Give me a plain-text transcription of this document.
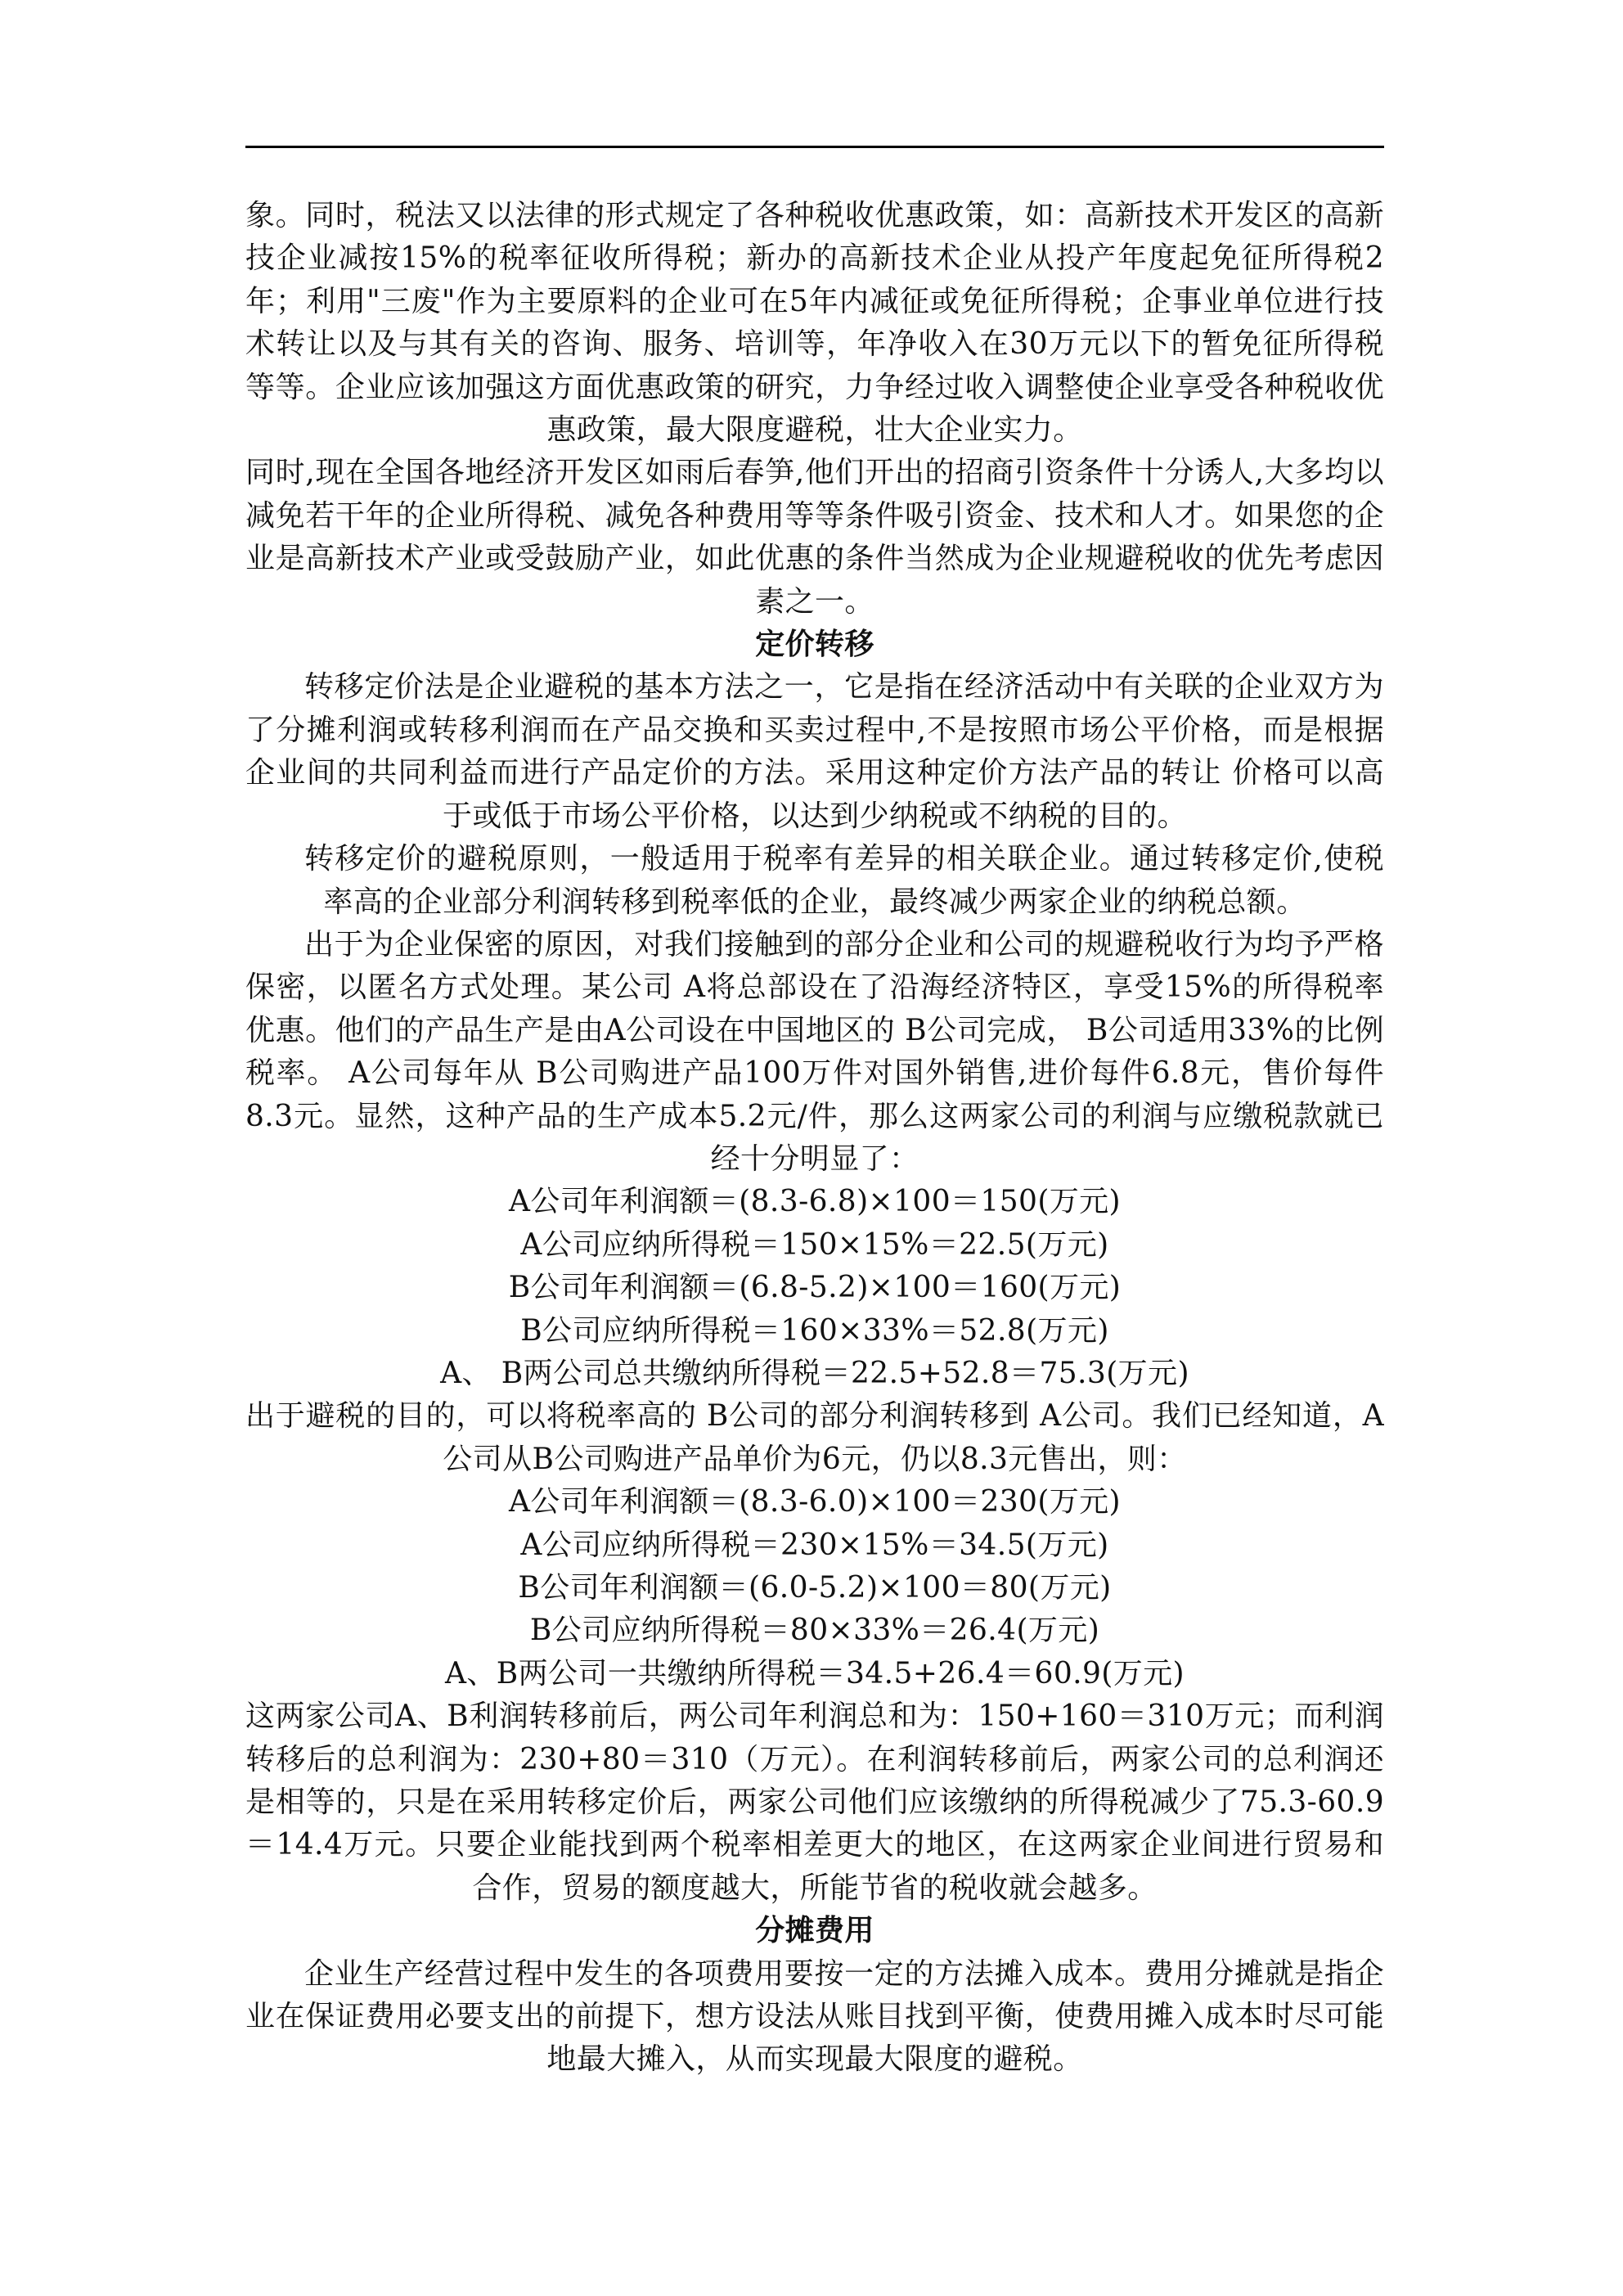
象。同时，税法又以法律的形式规定了各种税收优惠政策，如：高新技术开发区的高新技企业减按15%的税率征收所得税；新办的高新技术企业从投产年度起免征所得税2年；利用"三废"作为主要原料的企业可在5年内减征或免征所得税；企事业单位进行技术转让以及与其有关的咨询、服务、培训等，年净收入在30万元以下的暂免征所得税等等。企业应该加强这方面优惠政策的研究，力争经过收入调整使企业享受各种税收优惠政策，最大限度避税，壮大企业实力。

同时,现在全国各地经济开发区如雨后春笋,他们开出的招商引资条件十分诱人,大多均以减免若干年的企业所得税、减免各种费用等等条件吸引资金、技术和人才。如果您的企业是高新技术产业或受鼓励产业，如此优惠的条件当然成为企业规避税收的优先考虑因素之一。

定价转移

转移定价法是企业避税的基本方法之一，它是指在经济活动中有关联的企业双方为了分摊利润或转移利润而在产品交换和买卖过程中,不是按照市场公平价格，而是根据企业间的共同利益而进行产品定价的方法。采用这种定价方法产品的转让 价格可以高于或低于市场公平价格，以达到少纳税或不纳税的目的。

转移定价的避税原则，一般适用于税率有差异的相关联企业。通过转移定价,使税率高的企业部分利润转移到税率低的企业，最终减少两家企业的纳税总额。

出于为企业保密的原因，对我们接触到的部分企业和公司的规避税收行为均予严格保密，以匿名方式处理。某公司 A将总部设在了沿海经济特区，享受15%的所得税率优惠。他们的产品生产是由A公司设在中国地区的 B公司完成， B公司适用33%的比例税率。 A公司每年从 B公司购进产品100万件对国外销售,进价每件6.8元，售价每件8.3元。显然，这种产品的生产成本5.2元/件，那么这两家公司的利润与应缴税款就已经十分明显了：

A公司年利润额＝(8.3-6.8)×100＝150(万元)

A公司应纳所得税＝150×15%＝22.5(万元)

B公司年利润额＝(6.8-5.2)×100＝160(万元)

B公司应纳所得税＝160×33%＝52.8(万元)

A、 B两公司总共缴纳所得税＝22.5+52.8＝75.3(万元)

出于避税的目的，可以将税率高的 B公司的部分利润转移到 A公司。我们已经知道，A公司从B公司购进产品单价为6元，仍以8.3元售出，则：

A公司年利润额＝(8.3-6.0)×100＝230(万元)

A公司应纳所得税＝230×15%＝34.5(万元)

B公司年利润额＝(6.0-5.2)×100＝80(万元)

B公司应纳所得税＝80×33%＝26.4(万元)

A、B两公司一共缴纳所得税＝34.5+26.4＝60.9(万元)

这两家公司A、B利润转移前后，两公司年利润总和为：150+160＝310万元；而利润转移后的总利润为：230+80＝310（万元）。在利润转移前后，两家公司的总利润还是相等的，只是在采用转移定价后，两家公司他们应该缴纳的所得税减少了75.3-60.9＝14.4万元。只要企业能找到两个税率相差更大的地区，在这两家企业间进行贸易和合作，贸易的额度越大，所能节省的税收就会越多。

分摊费用

企业生产经营过程中发生的各项费用要按一定的方法摊入成本。费用分摊就是指企业在保证费用必要支出的前提下，想方设法从账目找到平衡，使费用摊入成本时尽可能地最大摊入，从而实现最大限度的避税。
